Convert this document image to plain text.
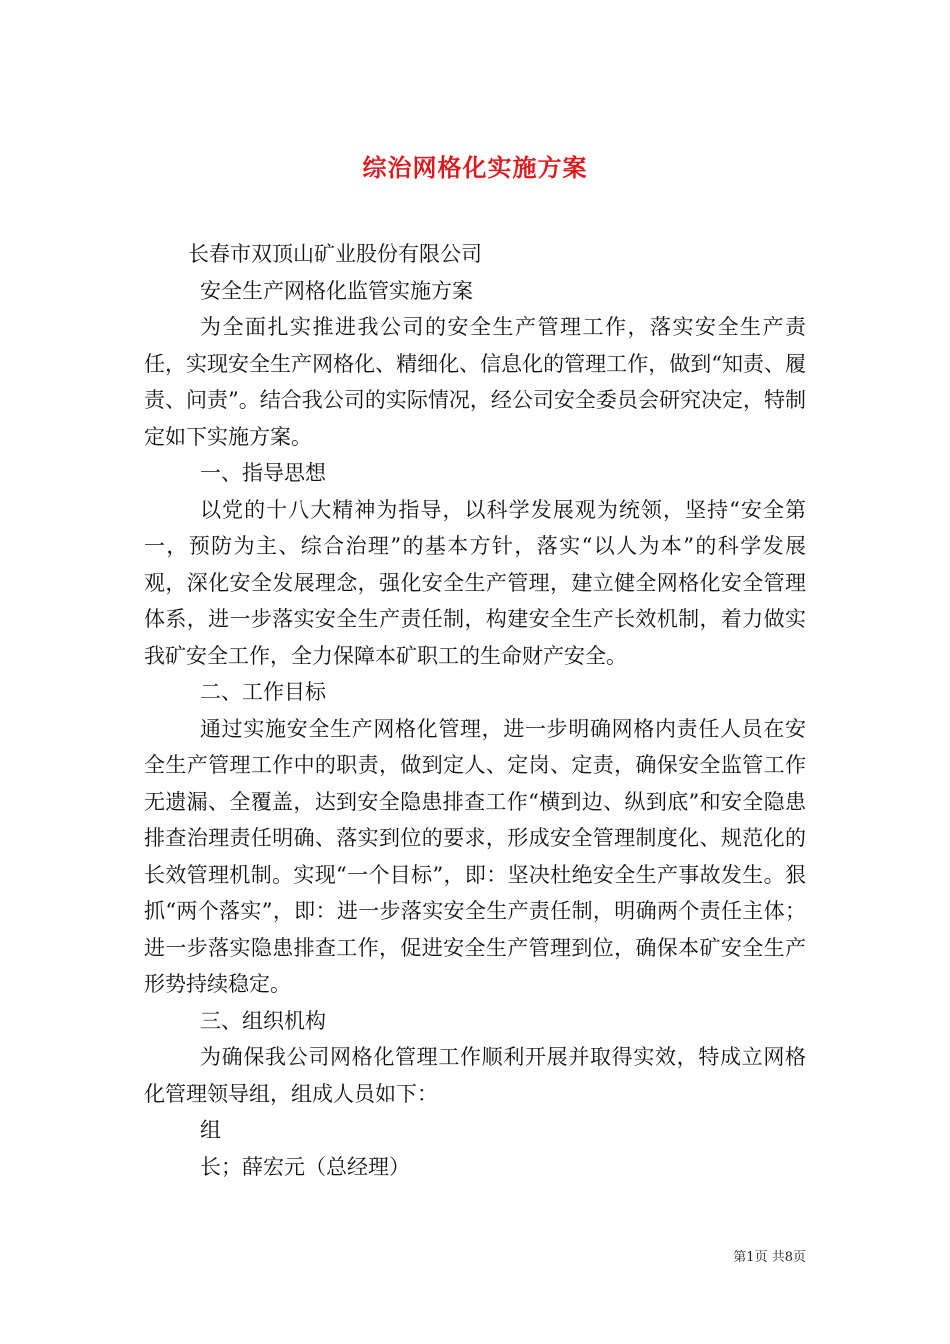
综治网格化实施方案

长春市双顶山矿业股份有限公司

安全生产网格化监管实施方案

为全面扎实推进我公司的安全生产管理工作，落实安全生产责任，实现安全生产网格化、精细化、信息化的管理工作，做到“知责、履责、问责”。结合我公司的实际情况，经公司安全委员会研究决定，特制定如下实施方案。

一、指导思想

以党的十八大精神为指导，以科学发展观为统领，坚持“安全第一，预防为主、综合治理”的基本方针，落实“以人为本”的科学发展观，深化安全发展理念，强化安全生产管理，建立健全网格化安全管理体系，进一步落实安全生产责任制，构建安全生产长效机制，着力做实我矿安全工作，全力保障本矿职工的生命财产安全。

二、工作目标

通过实施安全生产网格化管理，进一步明确网格内责任人员在安全生产管理工作中的职责，做到定人、定岗、定责，确保安全监管工作无遗漏、全覆盖，达到安全隐患排查工作“横到边、纵到底”和安全隐患排查治理责任明确、落实到位的要求，形成安全管理制度化、规范化的长效管理机制。实现“一个目标”，即：坚决杜绝安全生产事故发生。狠抓“两个落实”，即：进一步落实安全生产责任制，明确两个责任主体；进一步落实隐患排查工作，促进安全生产管理到位，确保本矿安全生产形势持续稳定。

三、组织机构

为确保我公司网格化管理工作顺利开展并取得实效，特成立网格化管理领导组，组成人员如下：

组

长；薛宏元（总经理）

第1页 共8页
